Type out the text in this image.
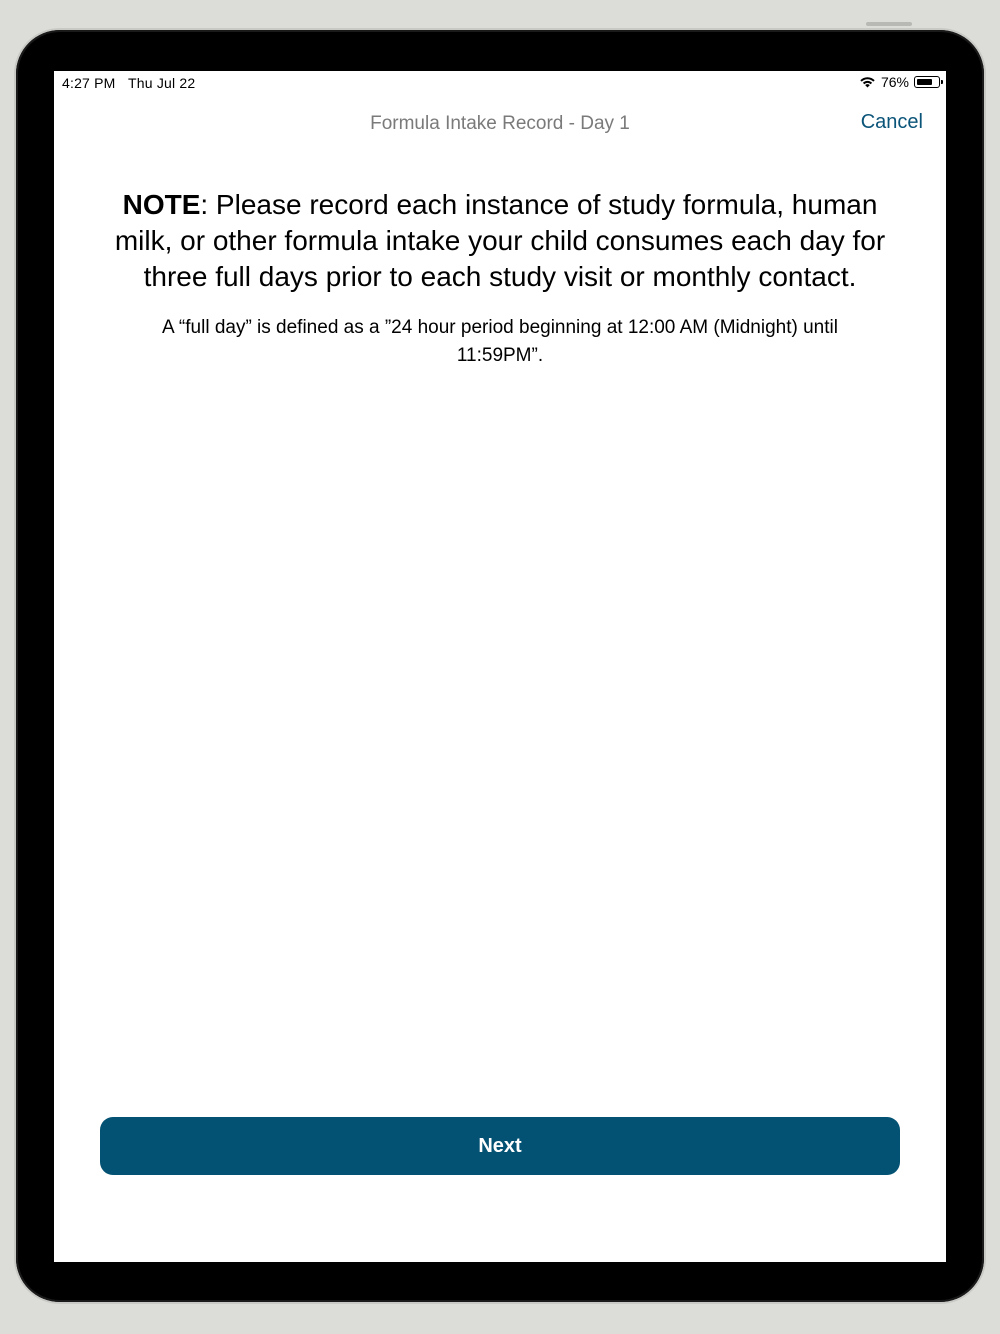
4:27 PM Thu Jul 22	76%
Formula Intake Record - Day 1	Cancel
NOTE: Please record each instance of study formula, human milk, or other formula intake your child consumes each day for three full days prior to each study visit or monthly contact.
A “full day” is defined as a ”24 hour period beginning at 12:00 AM (Midnight) until 11:59PM”.
Next
